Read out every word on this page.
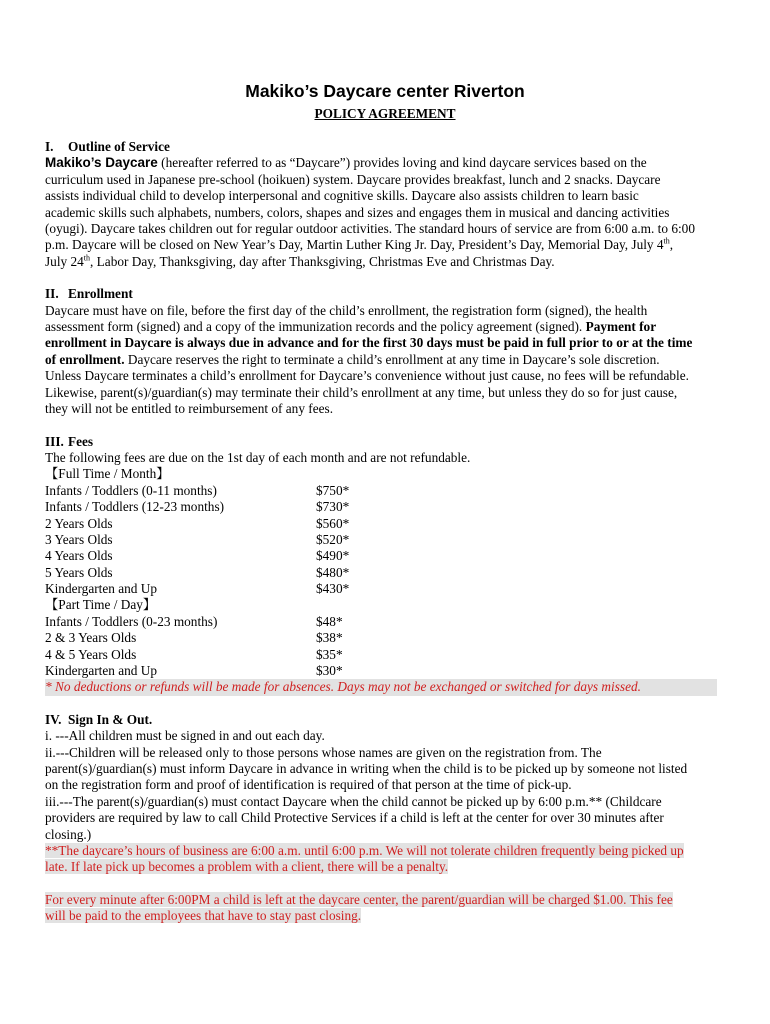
Makiko’s Daycare center Riverton
POLICY AGREEMENT
I. Outline of Service

Makiko’s Daycare (hereafter referred to as “Daycare”) provides loving and kind daycare services based on the

curriculum used in Japanese pre-school (hoikuen) system. Daycare provides breakfast, lunch and 2 snacks. Daycare

assists individual child to develop interpersonal and cognitive skills. Daycare also assists children to learn basic

academic skills such alphabets, numbers, colors, shapes and sizes and engages them in musical and dancing activities

(oyugi). Daycare takes children out for regular outdoor activities. The standard hours of service are from 6:00 a.m. to 6:00

p.m. Daycare will be closed on New Year’s Day, Martin Luther King Jr. Day, President’s Day, Memorial Day, July 4th,

July 24th, Labor Day, Thanksgiving, day after Thanksgiving, Christmas Eve and Christmas Day.

II. Enrollment

Daycare must have on file, before the first day of the child’s enrollment, the registration form (signed), the health

assessment form (signed) and a copy of the immunization records and the policy agreement (signed). Payment for

enrollment in Daycare is always due in advance and for the first 30 days must be paid in full prior to or at the time

of enrollment. Daycare reserves the right to terminate a child’s enrollment at any time in Daycare’s sole discretion.

Unless Daycare terminates a child’s enrollment for Daycare’s convenience without just cause, no fees will be refundable.

Likewise, parent(s)/guardian(s) may terminate their child’s enrollment at any time, but unless they do so for just cause,

they will not be entitled to reimbursement of any fees.

III. Fees

The following fees are due on the 1st day of each month and are not refundable.

【Full Time / Month】

Infants / Toddlers (0-11 months)	$750*
Infants / Toddlers (12-23 months)	$730*
2 Years Olds	$560*
3 Years Olds	$520*
4 Years Olds	$490*
5 Years Olds	$480*
Kindergarten and Up	$430*

【Part Time / Day】

Infants / Toddlers (0-23 months)	$48*
2 & 3 Years Olds	$38*
4 & 5 Years Olds	$35*
Kindergarten and Up	$30*

* No deductions or refunds will be made for absences. Days may not be exchanged or switched for days missed.

IV. Sign In & Out.

i. ---All children must be signed in and out each day.

ii.---Children will be released only to those persons whose names are given on the registration from. The

parent(s)/guardian(s) must inform Daycare in advance in writing when the child is to be picked up by someone not listed

on the registration form and proof of identification is required of that person at the time of pick-up.

iii.---The parent(s)/guardian(s) must contact Daycare when the child cannot be picked up by 6:00 p.m.** (Childcare

providers are required by law to call Child Protective Services if a child is left at the center for over 30 minutes after

closing.)

**The daycare’s hours of business are 6:00 a.m. until 6:00 p.m. We will not tolerate children frequently being picked up

late. If late pick up becomes a problem with a client, there will be a penalty.

For every minute after 6:00PM a child is left at the daycare center, the parent/guardian will be charged $1.00. This fee

will be paid to the employees that have to stay past closing.
